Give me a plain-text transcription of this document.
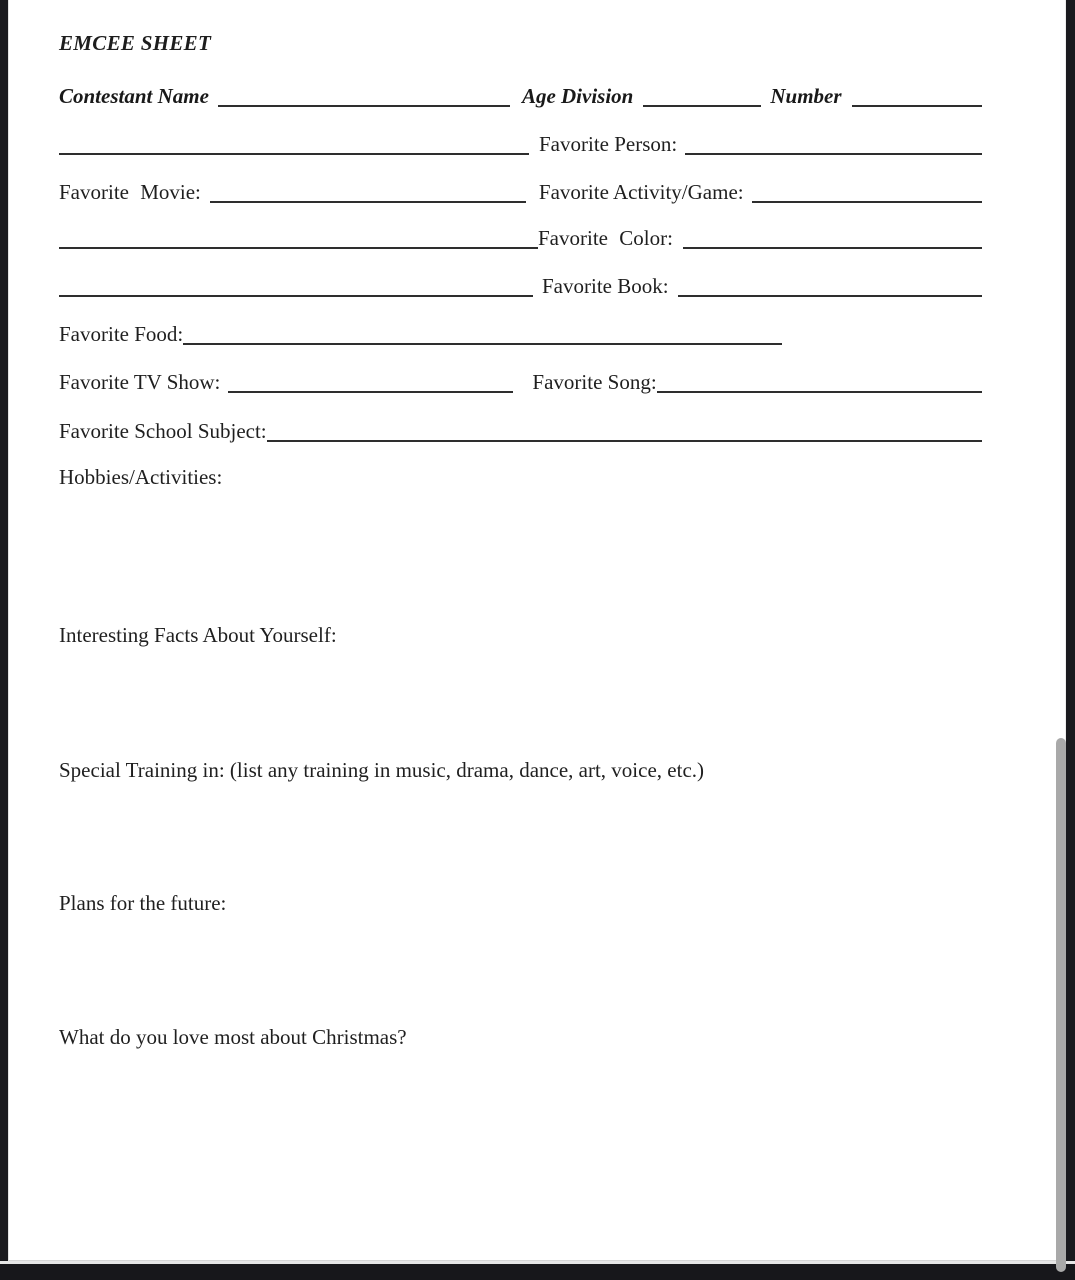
EMCEE SHEET
Contestant Name	Age Division	Number
Favorite Person:
Favorite Movie:	Favorite Activity/Game:
Favorite Color:
Favorite Book:
Favorite Food:
Favorite TV Show:	Favorite Song:
Favorite School Subject:
Hobbies/Activities:
Interesting Facts About Yourself:
Special Training in: (list any training in music, drama, dance, art, voice, etc.)
Plans for the future:
What do you love most about Christmas?
